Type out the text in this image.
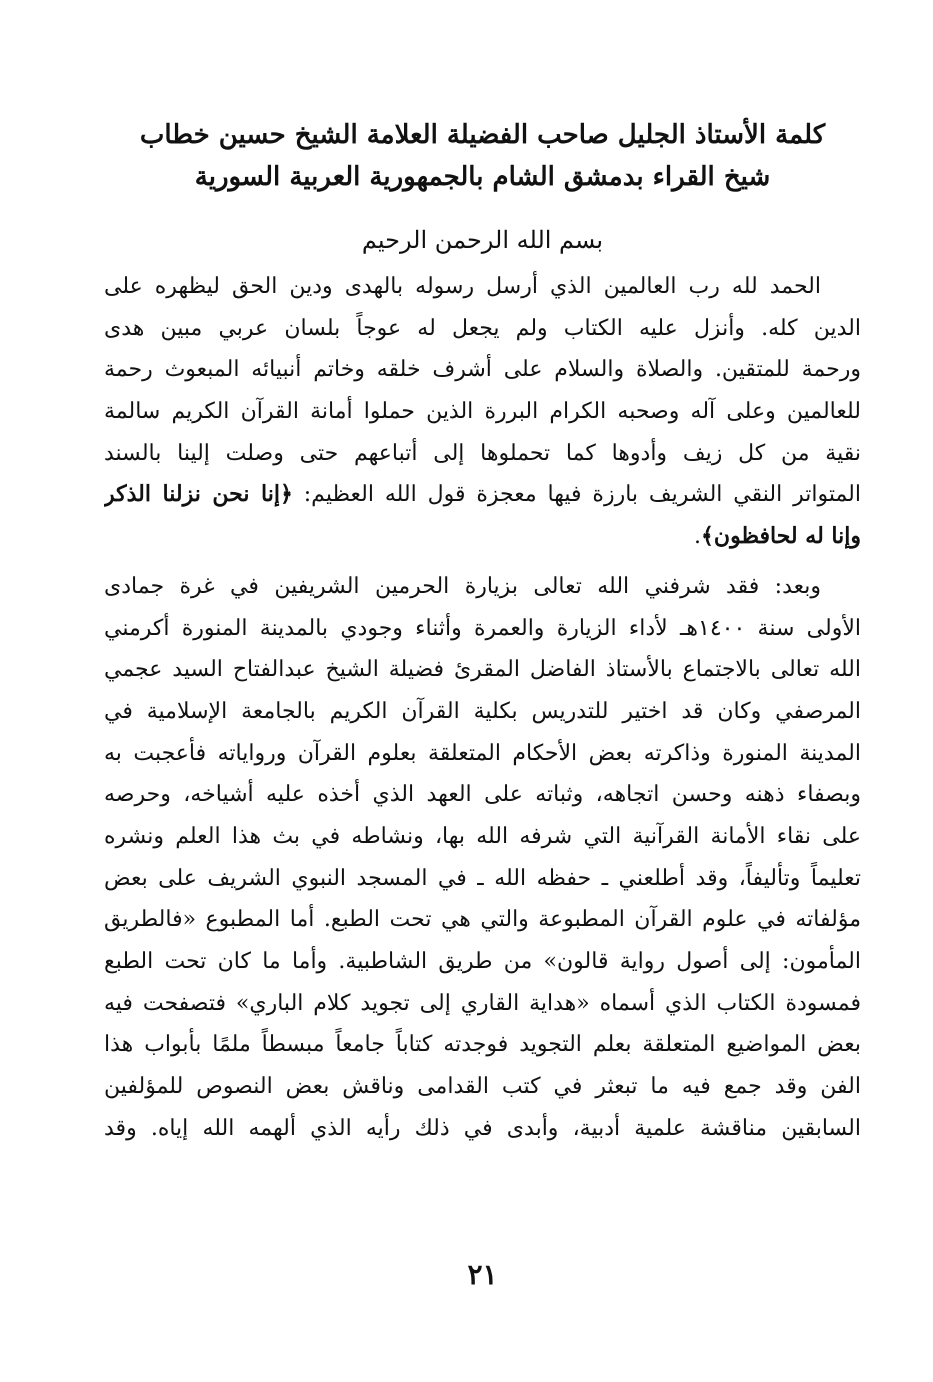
كلمة الأستاذ الجليل صاحب الفضيلة العلامة الشيخ حسين خطاب
شيخ القراء بدمشق الشام بالجمهورية العربية السورية
بسم الله الرحمن الرحيم
الحمد لله رب العالمين الذي أرسل رسوله بالهدى ودين الحق ليظهره على
الدين كله. وأنزل عليه الكتاب ولم يجعل له عوجاً بلسان عربي مبين هدى
ورحمة للمتقين. والصلاة والسلام على أشرف خلقه وخاتم أنبيائه المبعوث رحمة
للعالمين وعلى آله وصحبه الكرام البررة الذين حملوا أمانة القرآن الكريم سالمة
نقية من كل زيف وأدوها كما تحملوها إلى أتباعهم حتى وصلت إلينا بالسند
المتواتر النقي الشريف بارزة فيها معجزة قول الله العظيم: ﴿إنا نحن نزلنا الذكر
وإنا له لحافظون﴾.
وبعد: فقد شرفني الله تعالى بزيارة الحرمين الشريفين في غرة جمادى
الأولى سنة ١٤٠٠هـ لأداء الزيارة والعمرة وأثناء وجودي بالمدينة المنورة أكرمني
الله تعالى بالاجتماع بالأستاذ الفاضل المقرئ فضيلة الشيخ عبدالفتاح السيد عجمي
المرصفي وكان قد اختير للتدريس بكلية القرآن الكريم بالجامعة الإسلامية في
المدينة المنورة وذاكرته بعض الأحكام المتعلقة بعلوم القرآن ورواياته فأعجبت به
وبصفاء ذهنه وحسن اتجاهه، وثباته على العهد الذي أخذه عليه أشياخه، وحرصه
على نقاء الأمانة القرآنية التي شرفه الله بها، ونشاطه في بث هذا العلم ونشره
تعليماً وتأليفاً، وقد أطلعني ـ حفظه الله ـ في المسجد النبوي الشريف على بعض
مؤلفاته في علوم القرآن المطبوعة والتي هي تحت الطبع. أما المطبوع «فالطريق
المأمون: إلى أصول رواية قالون» من طريق الشاطبية. وأما ما كان تحت الطبع
فمسودة الكتاب الذي أسماه «هداية القاري إلى تجويد كلام الباري» فتصفحت فيه
بعض المواضيع المتعلقة بعلم التجويد فوجدته كتاباً جامعاً مبسطاً ملمًا بأبواب هذا
الفن وقد جمع فيه ما تبعثر في كتب القدامى وناقش بعض النصوص للمؤلفين
السابقين مناقشة علمية أدبية، وأبدى في ذلك رأيه الذي ألهمه الله إياه. وقد
٢١
